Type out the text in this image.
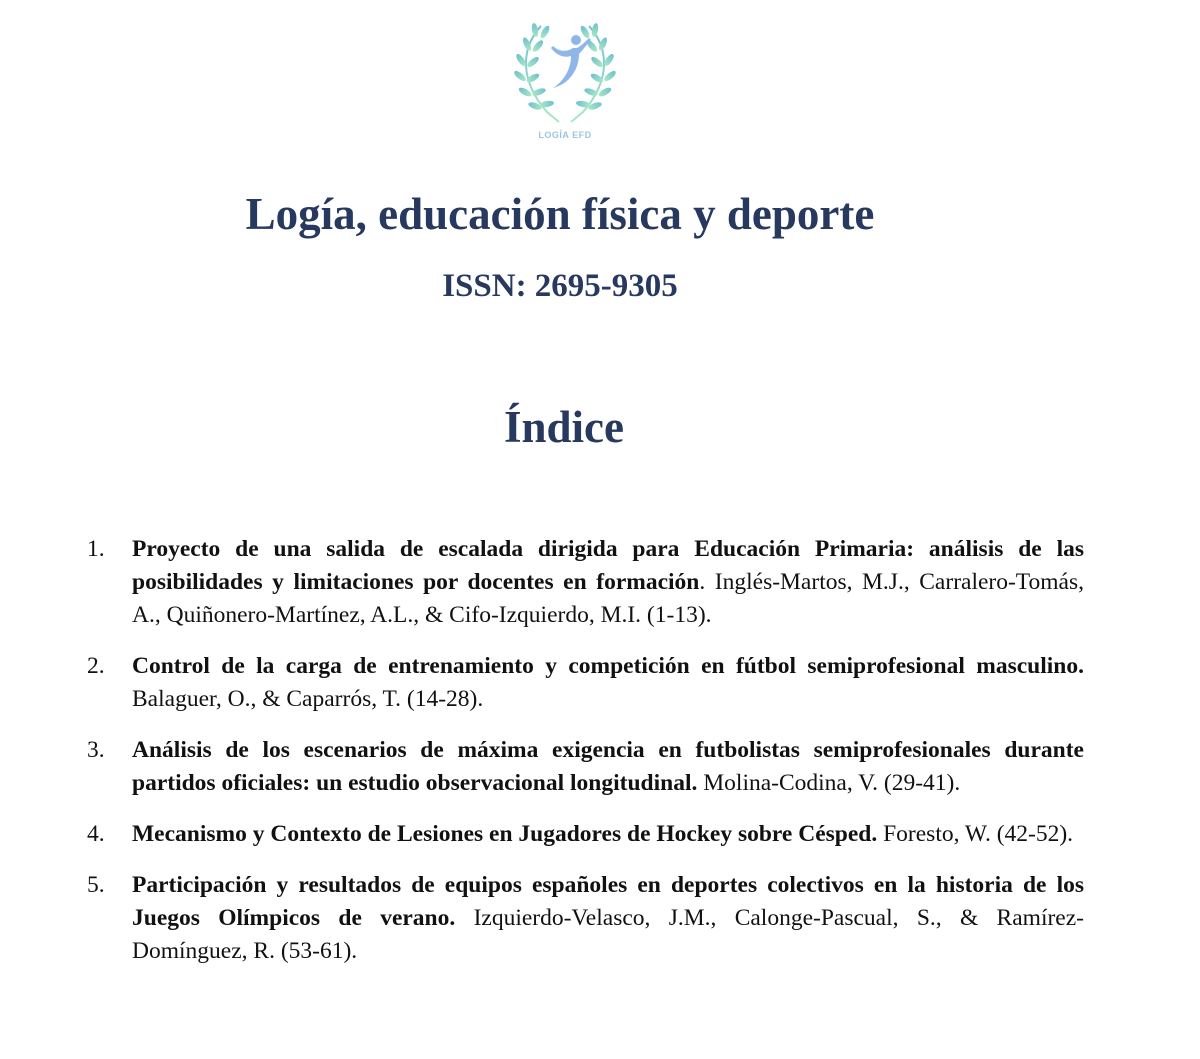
LOGÍA EFD
Logía, educación física y deporte
ISSN: 2695-9305
Índice
1. Proyecto de una salida de escalada dirigida para Educación Primaria: análisis de las posibilidades y limitaciones por docentes en formación. Inglés-Martos, M.J., Carralero-Tomás, A., Quiñonero-Martínez, A.L., & Cifo-Izquierdo, M.I. (1-13).
2. Control de la carga de entrenamiento y competición en fútbol semiprofesional masculino. Balaguer, O., & Caparrós, T. (14-28).
3. Análisis de los escenarios de máxima exigencia en futbolistas semiprofesionales durante partidos oficiales: un estudio observacional longitudinal. Molina-Codina, V. (29-41).
4. Mecanismo y Contexto de Lesiones en Jugadores de Hockey sobre Césped. Foresto, W. (42-52).
5. Participación y resultados de equipos españoles en deportes colectivos en la historia de los Juegos Olímpicos de verano. Izquierdo-Velasco, J.M., Calonge-Pascual, S., & Ramírez-Domínguez, R. (53-61).
